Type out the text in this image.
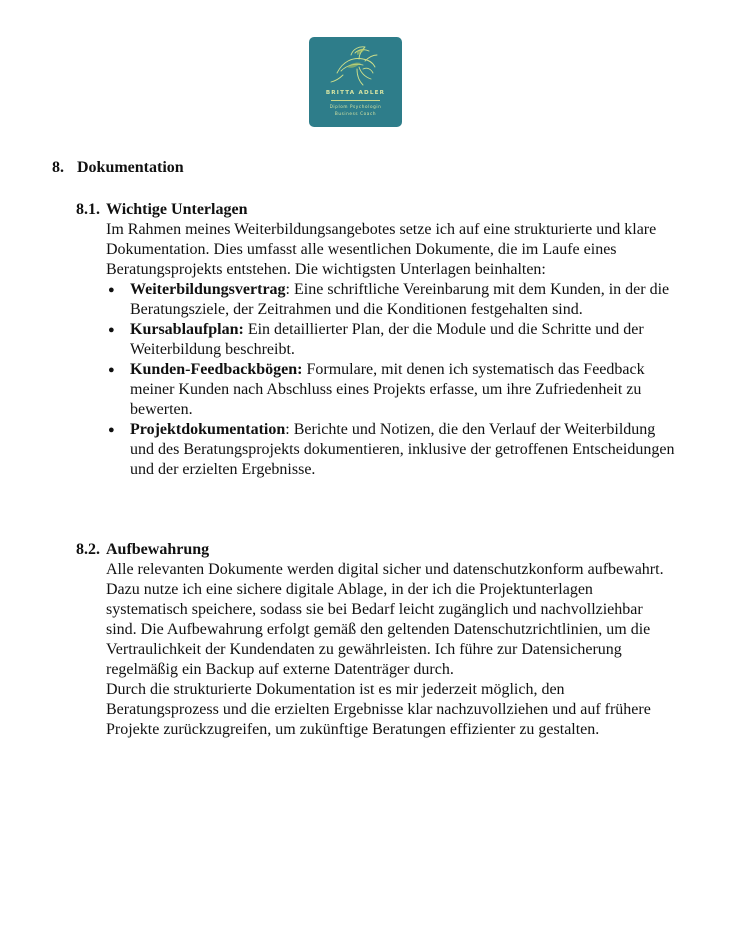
BRITTA ADLER
Diplom Psychologin
Business Coach
8. Dokumentation
8.1. Wichtige Unterlagen

Im Rahmen meines Weiterbildungsangebotes setze ich auf eine strukturierte und klare Dokumentation. Dies umfasst alle wesentlichen Dokumente, die im Laufe eines Beratungsprojekts entstehen. Die wichtigsten Unterlagen beinhalten:

● Weiterbildungsvertrag: Eine schriftliche Vereinbarung mit dem Kunden, in der die Beratungsziele, der Zeitrahmen und die Konditionen festgehalten sind.
● Kursablaufplan: Ein detaillierter Plan, der die Module und die Schritte und der Weiterbildung beschreibt.
● Kunden-Feedbackbögen: Formulare, mit denen ich systematisch das Feedback meiner Kunden nach Abschluss eines Projekts erfasse, um ihre Zufriedenheit zu bewerten.
● Projektdokumentation: Berichte und Notizen, die den Verlauf der Weiterbildung und des Beratungsprojekts dokumentieren, inklusive der getroffenen Entscheidungen und der erzielten Ergebnisse.
8.2. Aufbewahrung

Alle relevanten Dokumente werden digital sicher und datenschutzkonform aufbewahrt. Dazu nutze ich eine sichere digitale Ablage, in der ich die Projektunterlagen systematisch speichere, sodass sie bei Bedarf leicht zugänglich und nachvollziehbar sind. Die Aufbewahrung erfolgt gemäß den geltenden Datenschutzrichtlinien, um die Vertraulichkeit der Kundendaten zu gewährleisten. Ich führe zur Datensicherung regelmäßig ein Backup auf externe Datenträger durch.

Durch die strukturierte Dokumentation ist es mir jederzeit möglich, den Beratungsprozess und die erzielten Ergebnisse klar nachzuvollziehen und auf frühere Projekte zurückzugreifen, um zukünftige Beratungen effizienter zu gestalten.
